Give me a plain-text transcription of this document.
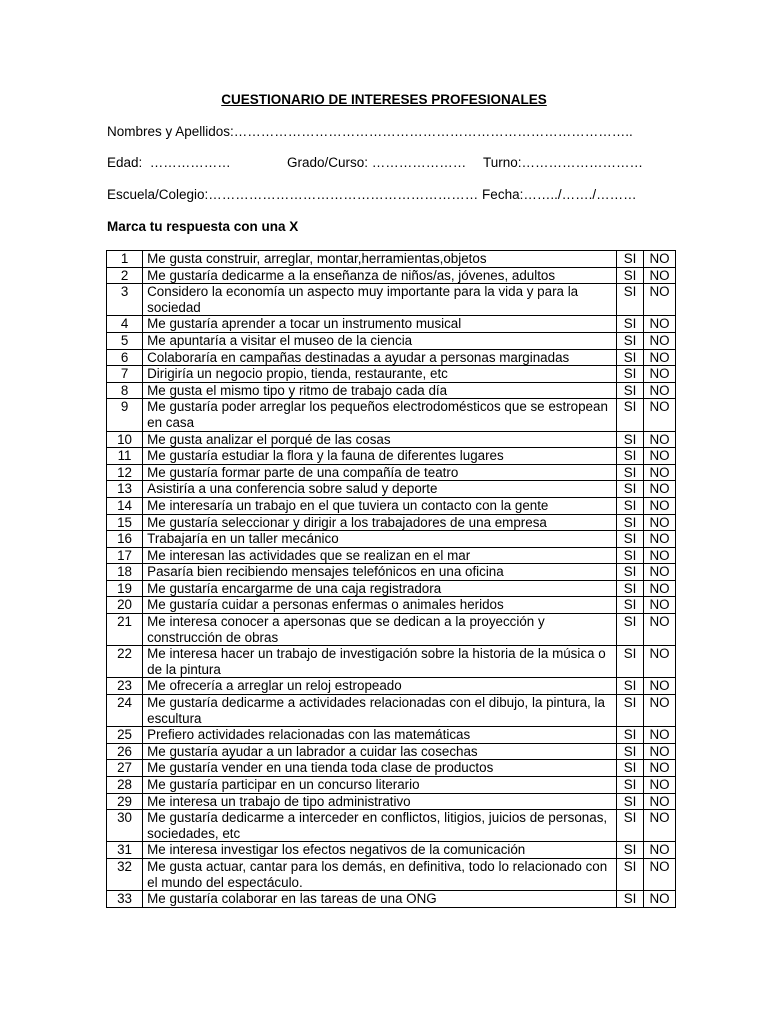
CUESTIONARIO DE INTERESES PROFESIONALES
Nombres y Apellidos:……………………………………………………………………………..
Edad:  ………………	Grado/Curso: ………………… Turno:………………………
Escuela/Colegio:…………………………………………………… Fecha:……../……./………
Marca tu respuesta con una X
1	Me gusta construir, arreglar, montar,herramientas,objetos	SI	NO
2	Me gustaría dedicarme a la enseñanza de niños/as, jóvenes, adultos	SI	NO
3	Considero la economía un aspecto muy importante para la vida y para la sociedad	SI	NO
4	Me gustaría aprender a tocar un instrumento musical	SI	NO
5	Me apuntaría a visitar el museo de la ciencia	SI	NO
6	Colaboraría en campañas destinadas a ayudar a personas marginadas	SI	NO
7	Dirigiría un negocio propio, tienda, restaurante, etc	SI	NO
8	Me gusta el mismo tipo y ritmo de trabajo cada día	SI	NO
9	Me gustaría poder arreglar los pequeños electrodomésticos que se estropean en casa	SI	NO
10	Me gusta analizar el porqué de las cosas	SI	NO
11	Me gustaría estudiar la flora y la fauna de diferentes lugares	SI	NO
12	Me gustaría formar parte de una compañía de teatro	SI	NO
13	Asistiría a una conferencia sobre salud y deporte	SI	NO
14	Me interesaría un trabajo en el que tuviera un contacto con la gente	SI	NO
15	Me gustaría seleccionar y dirigir a los trabajadores de una empresa	SI	NO
16	Trabajaría en un taller mecánico	SI	NO
17	Me interesan las actividades que se realizan en el mar	SI	NO
18	Pasaría bien recibiendo mensajes telefónicos en una oficina	SI	NO
19	Me gustaría encargarme de una caja registradora	SI	NO
20	Me gustaría cuidar a personas enfermas o animales heridos	SI	NO
21	Me interesa conocer a apersonas que se dedican a la proyección y construcción de obras	SI	NO
22	Me interesa hacer un trabajo de investigación sobre la historia de la música o de la pintura	SI	NO
23	Me ofrecería a arreglar un reloj estropeado	SI	NO
24	Me gustaría dedicarme a actividades relacionadas con el dibujo, la pintura, la escultura	SI	NO
25	Prefiero actividades relacionadas con las matemáticas	SI	NO
26	Me gustaría ayudar a un labrador a cuidar las cosechas	SI	NO
27	Me gustaría vender en una tienda toda clase de productos	SI	NO
28	Me gustaría participar en un concurso literario	SI	NO
29	Me interesa un trabajo de tipo administrativo	SI	NO
30	Me gustaría dedicarme a interceder en conflictos, litigios, juicios de personas, sociedades, etc	SI	NO
31	Me interesa investigar los efectos negativos de la comunicación	SI	NO
32	Me gusta actuar, cantar para los demás, en definitiva, todo lo relacionado con el mundo del espectáculo.	SI	NO
33	Me gustaría colaborar en las tareas de una ONG	SI	NO
